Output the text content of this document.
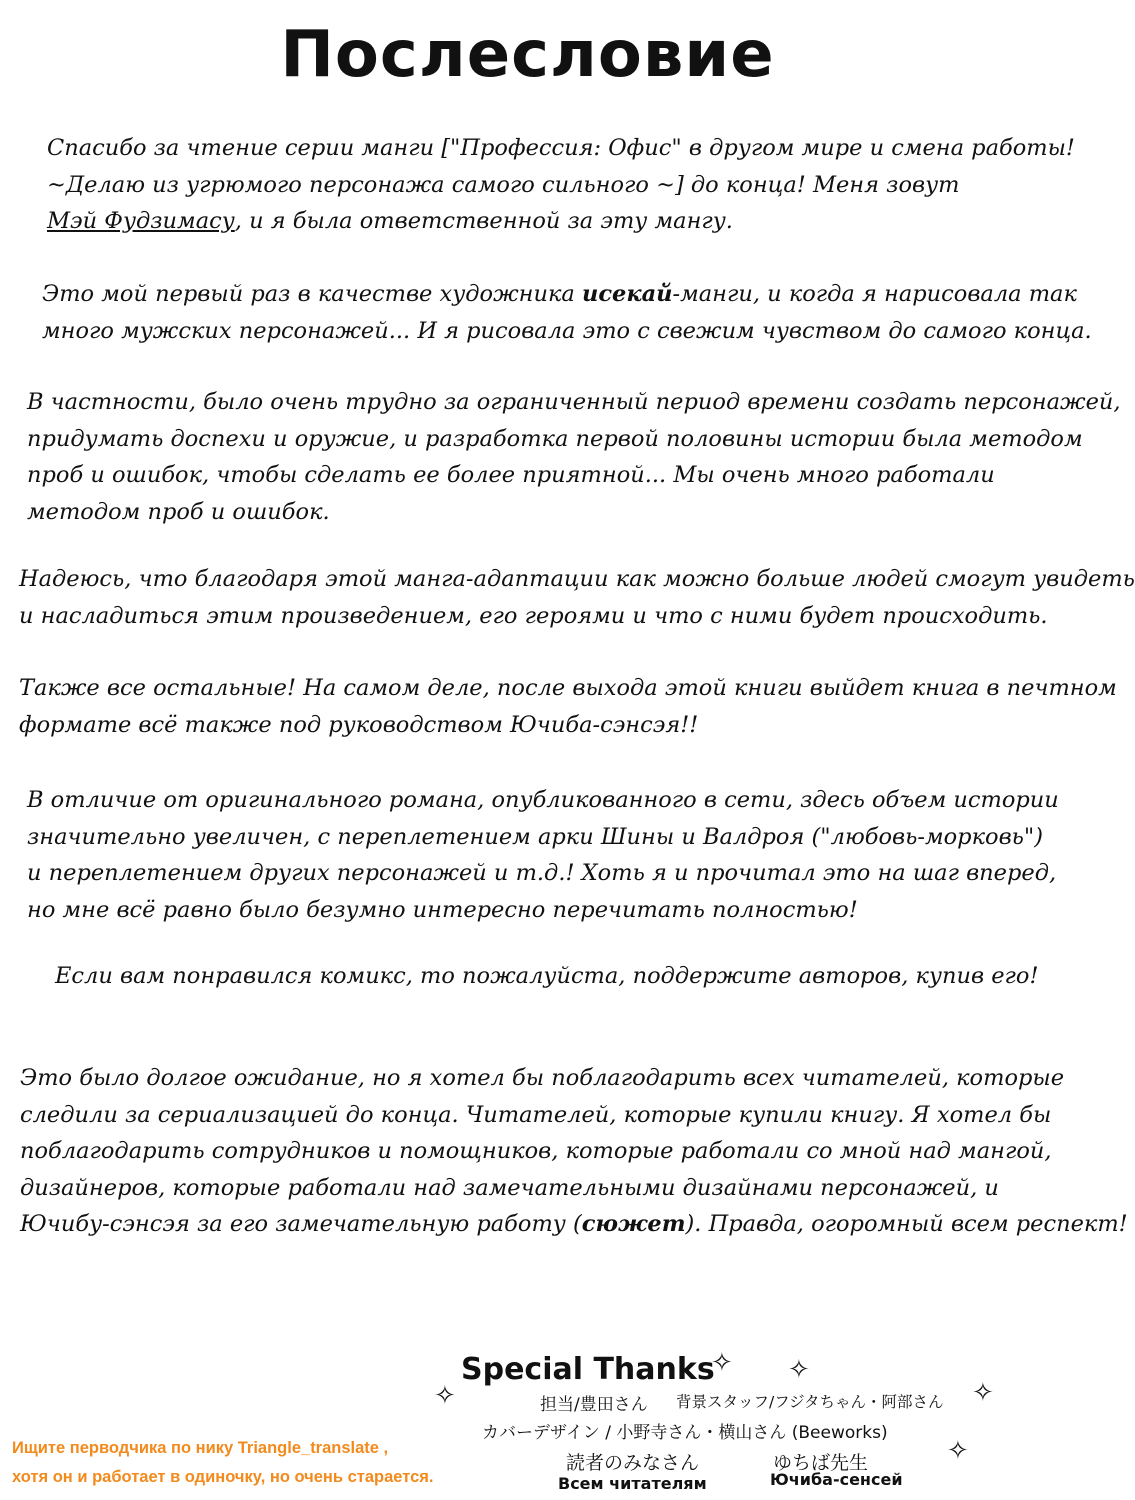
Послесловие

Спасибо за чтение серии манги ["Профессия: Офис" в другом мире и смена работы!

~Делаю из угрюмого персонажа самого сильного ~] до конца! Меня зовут

Мэй Фудзимасу, и я была ответственной за эту мангу.

Это мой первый раз в качестве художника исекай-манги, и когда я нарисовала так

много мужских персонажей... И я рисовала это с свежим чувством до самого конца.

В частности, было очень трудно за ограниченный период времени создать персонажей,

придумать доспехи и оружие, и разработка первой половины истории была методом

проб и ошибок, чтобы сделать ее более приятной... Мы очень много работали

методом проб и ошибок.

Надеюсь, что благодаря этой манга-адаптации как можно больше людей смогут увидеть

и насладиться этим произведением, его героями и что с ними будет происходить.

Также все остальные! На самом деле, после выхода этой книги выйдет книга в печтном

формате всё также под руководством Ючиба-сэнсэя!!

В отличие от оригинального романа, опубликованного в сети, здесь объем истории

значительно увеличен, с переплетением арки Шины и Валдроя ("любовь-морковь")

и переплетением других персонажей и т.д.! Хоть я и прочитал это на шаг вперед,

но мне всё равно было безумно интересно перечитать полностью!

Если вам понравился комикс, то пожалуйста, поддержите авторов, купив его!

Это было долгое ожидание, но я хотел бы поблагодарить всех читателей, которые

следили за сериализацией до конца. Читателей, которые купили книгу. Я хотел бы

поблагодарить сотрудников и помощников, которые работали со мной над мангой,

дизайнеров, которые работали над замечательными дизайнами персонажей, и

Ючибу-сэнсэя за его замечательную работу (сюжет). Правда, огоромный всем респект!

Special Thanks
✧ ✧
✧	✧
✧
担当/豊田さん 背景スタッフ/フジタちゃん・阿部さん
カバーデザイン / 小野寺さん・横山さん (Beeworks)
読者のみなさん	ゆちば先生
Всем читателям	Ючиба-сенсей
Ищите перводчика по нику Triangle_translate ,
хотя он и работает в одиночку, но очень старается.
